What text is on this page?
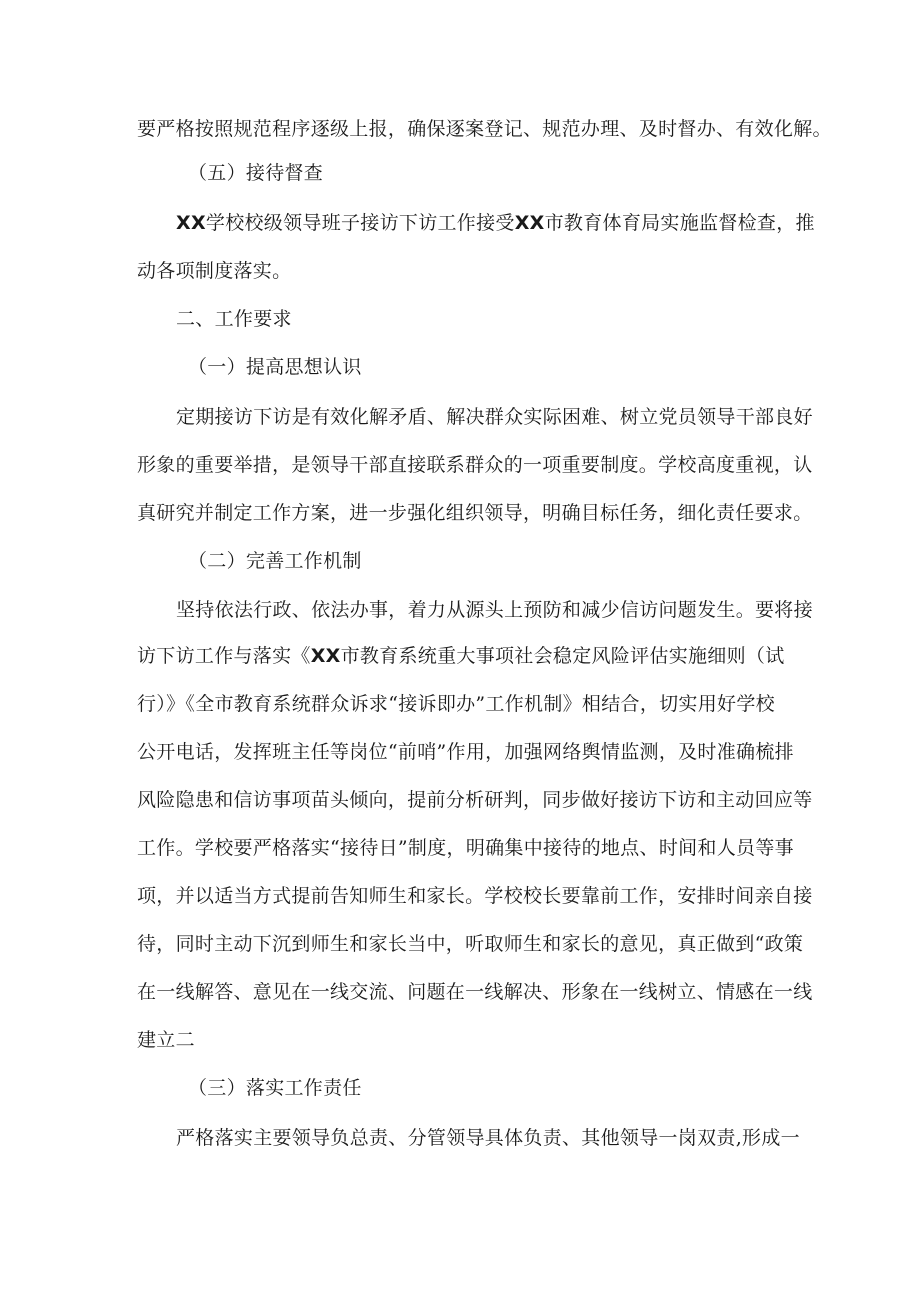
要严格按照规范程序逐级上报，确保逐案登记、规范办理、及时督办、有效化解。
（五）接待督查
XX学校校级领导班子接访下访工作接受XX市教育体育局实施监督检查，推
动各项制度落实。
二、工作要求
（一）提高思想认识
定期接访下访是有效化解矛盾、解决群众实际困难、树立党员领导干部良好
形象的重要举措，是领导干部直接联系群众的一项重要制度。学校高度重视，认
真研究并制定工作方案，进一步强化组织领导，明确目标任务，细化责任要求。
（二）完善工作机制
坚持依法行政、依法办事，着力从源头上预防和减少信访问题发生。要将接
访下访工作与落实《XX市教育系统重大事项社会稳定风险评估实施细则（试
行）》《全市教育系统群众诉求“接诉即办”工作机制》相结合，切实用好学校
公开电话，发挥班主任等岗位“前哨”作用，加强网络舆情监测，及时准确梳排
风险隐患和信访事项苗头倾向，提前分析研判，同步做好接访下访和主动回应等
工作。学校要严格落实“接待日”制度，明确集中接待的地点、时间和人员等事
项，并以适当方式提前告知师生和家长。学校校长要靠前工作，安排时间亲自接
待，同时主动下沉到师生和家长当中，听取师生和家长的意见，真正做到“政策
在一线解答、意见在一线交流、问题在一线解决、形象在一线树立、情感在一线
建立二
（三）落实工作责任
严格落实主要领导负总责、分管领导具体负责、其他领导一岗双责,形成一
